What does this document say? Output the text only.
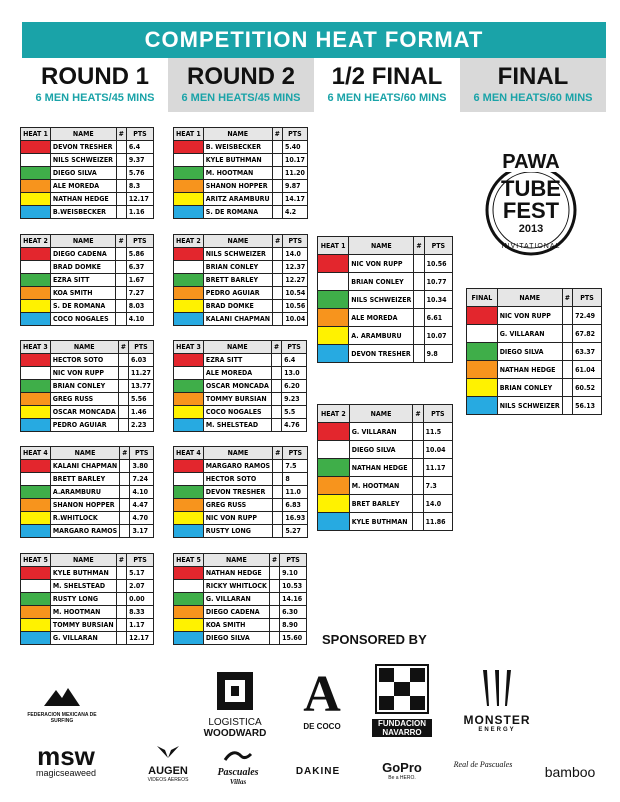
COMPETITION HEAT FORMAT
ROUND 1
6 MEN HEATS/45 MINS
ROUND 2
6 MEN HEATS/45 MINS
1/2 FINAL
6 MEN HEATS/60 MINS
FINAL
6 MEN HEATS/60 MINS
HEAT 1	NAME	#	PTS
	DEVON TRESHER		6.4
	NILS SCHWEIZER		9.37
	DIEGO SILVA		5.76
	ALE MOREDA		8.3
	NATHAN HEDGE		12.17
	B.WEISBECKER		1.16
HEAT 2	NAME	#	PTS
	DIEGO CADENA		5.86
	BRAD DOMKE		6.37
	EZRA SITT		1.67
	KOA SMITH		7.27
	S. DE ROMANA		8.03
	COCO NOGALES		4.10
HEAT 3	NAME	#	PTS
	HECTOR SOTO		6.03
	NIC VON RUPP		11.27
	BRIAN CONLEY		13.77
	GREG RUSS		5.56
	OSCAR MONCADA		1.46
	PEDRO AGUIAR		2.23
HEAT 4	NAME	#	PTS
	KALANI CHAPMAN		3.80
	BRETT BARLEY		7.24
	A.ARAMBURU		4.10
	SHANON HOPPER		4.47
	R.WHITLOCK		4.70
	MARGARO RAMOS		3.17
HEAT 5	NAME	#	PTS
	KYLE BUTHMAN		5.17
	M. SHELSTEAD		2.07
	RUSTY LONG		0.00
	M. HOOTMAN		8.33
	TOMMY BURSIAN		1.17
	G. VILLARAN		12.17
HEAT 1	NAME	#	PTS
	B. WEISBECKER		5.40
	KYLE BUTHMAN		10.17
	M. HOOTMAN		11.20
	SHANON HOPPER		9.87
	ARITZ ARAMBURU		14.17
	S. DE ROMANA		4.2
HEAT 2	NAME	#	PTS
	NILS SCHWEIZER		14.0
	BRIAN CONLEY		12.37
	BRETT BARLEY		12.27
	PEDRO AGUIAR		10.54
	BRAD DOMKE		10.56
	KALANI CHAPMAN		10.04
HEAT 3	NAME	#	PTS
	EZRA SITT		6.4
	ALE MOREDA		13.0
	OSCAR MONCADA		6.20
	TOMMY BURSIAN		9.23
	COCO NOGALES		5.5
	M. SHELSTEAD		4.76
HEAT 4	NAME	#	PTS
	MARGARO RAMOS		7.5
	HECTOR SOTO		8
	DEVON TRESHER		11.0
	GREG RUSS		6.83
	NIC VON RUPP		16.93
	RUSTY LONG		5.27
HEAT 5	NAME	#	PTS
	NATHAN HEDGE		9.10
	RICKY WHITLOCK		10.53
	G. VILLARAN		14.16
	DIEGO CADENA		6.30
	KOA SMITH		8.90
	DIEGO SILVA		15.60
HEAT 1	NAME	#	PTS
	NIC VON RUPP		10.56
	BRIAN CONLEY		10.77
	NILS SCHWEIZER		10.34
	ALE MOREDA		6.61
	A. ARAMBURU		10.07
	DEVON TRESHER		9.8
HEAT 2	NAME	#	PTS
	G. VILLARAN		11.5
	DIEGO SILVA		10.04
	NATHAN HEDGE		11.17
	M. HOOTMAN		7.3
	BRET BARLEY		14.0
	KYLE BUTHMAN		11.86
FINAL	NAME	#	PTS
	NIC VON RUPP		72.49
	G. VILLARAN		67.82
	DIEGO SILVA		63.37
	NATHAN HEDGE		61.04
	BRIAN CONLEY		60.52
	NILS SCHWEIZER		56.13
PAWA
TUBE
FEST
2013
INVITATIONAL
SPONSORED BY
FEDERACION MEXICANA DE SURFING	LOGISTICA
WOODWARD
A
DE COCO	FUNDACION
NAVARRO
MONSTER
ENERGY
msw
magicseaweed	AUGEN
VIDEOS AEREOS
Pascuales
Villas
DAKINE	GoPro
Be a HERO.
Real de Pascuales	bamboo
